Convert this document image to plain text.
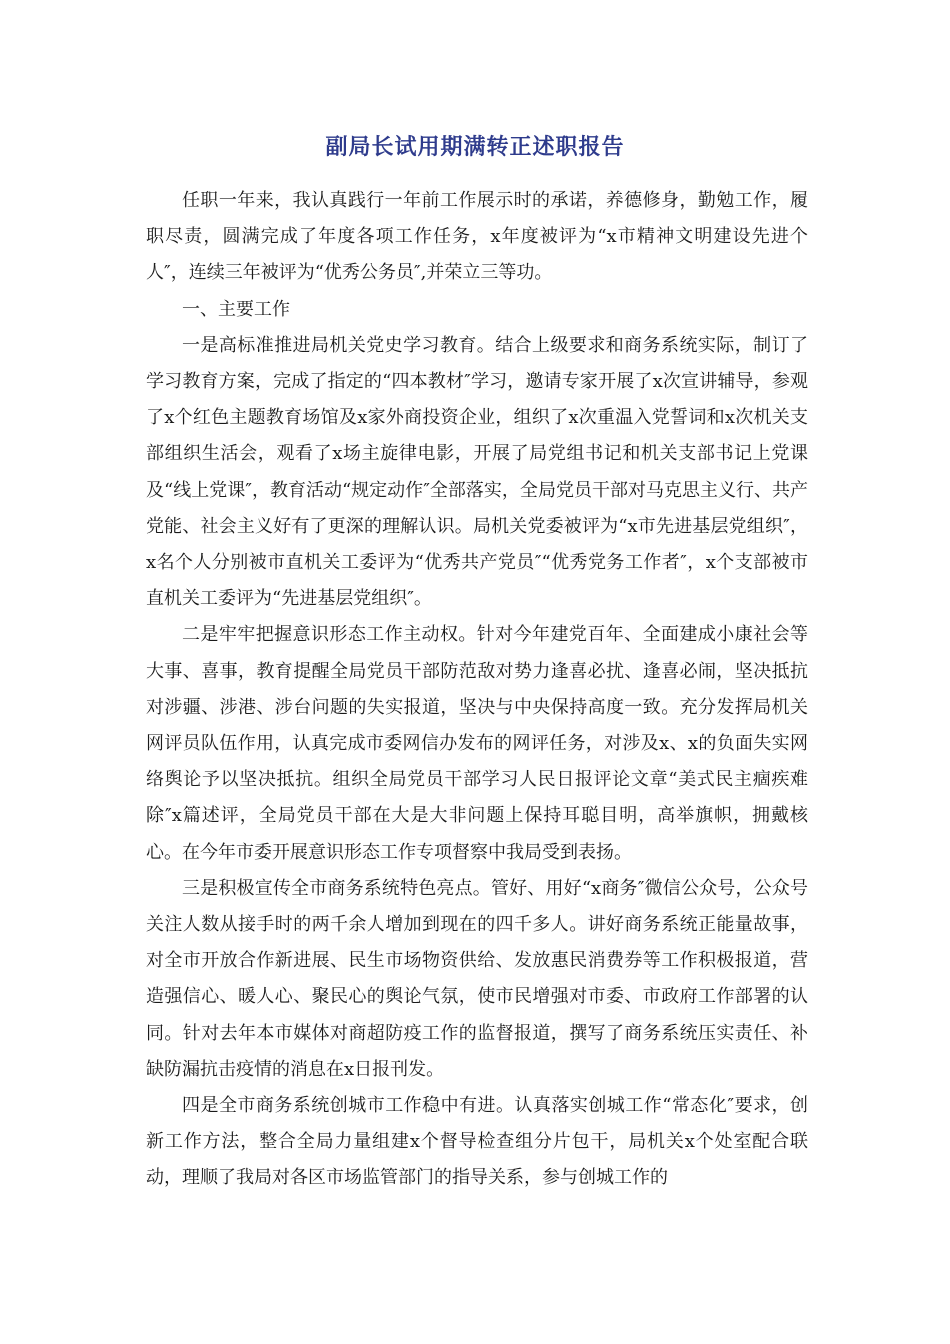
副局长试用期满转正述职报告

任职一年来，我认真践行一年前工作展示时的承诺，养德修身，勤勉工作，履职尽责，圆满完成了年度各项工作任务，x年度被评为“x市精神文明建设先进个人″，连续三年被评为“优秀公务员″,并荣立三等功。

一、主要工作

一是高标准推进局机关党史学习教育。结合上级要求和商务系统实际，制订了学习教育方案，完成了指定的“四本教材″学习，邀请专家开展了x次宣讲辅导，参观了x个红色主题教育场馆及x家外商投资企业，组织了x次重温入党誓词和x次机关支部组织生活会，观看了x场主旋律电影，开展了局党组书记和机关支部书记上党课及“线上党课″，教育活动“规定动作″全部落实，全局党员干部对马克思主义行、共产党能、社会主义好有了更深的理解认识。局机关党委被评为“x市先进基层党组织″，x名个人分别被市直机关工委评为“优秀共产党员″“优秀党务工作者″，x个支部被市直机关工委评为“先进基层党组织″。

二是牢牢把握意识形态工作主动权。针对今年建党百年、全面建成小康社会等大事、喜事，教育提醒全局党员干部防范敌对势力逢喜必扰、逢喜必闹，坚决抵抗对涉疆、涉港、涉台问题的失实报道，坚决与中央保持高度一致。充分发挥局机关网评员队伍作用，认真完成市委网信办发布的网评任务，对涉及x、x的负面失实网络舆论予以坚决抵抗。组织全局党员干部学习人民日报评论文章“美式民主痼疾难除″x篇述评，全局党员干部在大是大非问题上保持耳聪目明，高举旗帜，拥戴核心。在今年市委开展意识形态工作专项督察中我局受到表扬。

三是积极宣传全市商务系统特色亮点。管好、用好“x商务″微信公众号，公众号关注人数从接手时的两千余人增加到现在的四千多人。讲好商务系统正能量故事，对全市开放合作新进展、民生市场物资供给、发放惠民消费券等工作积极报道，营造强信心、暖人心、聚民心的舆论气氛，使市民增强对市委、市政府工作部署的认同。针对去年本市媒体对商超防疫工作的监督报道，撰写了商务系统压实责任、补缺防漏抗击疫情的消息在x日报刊发。

四是全市商务系统创城市工作稳中有进。认真落实创城工作“常态化″要求，创新工作方法，整合全局力量组建x个督导检查组分片包干，局机关x个处室配合联动，理顺了我局对各区市场监管部门的指导关系，参与创城工作的
